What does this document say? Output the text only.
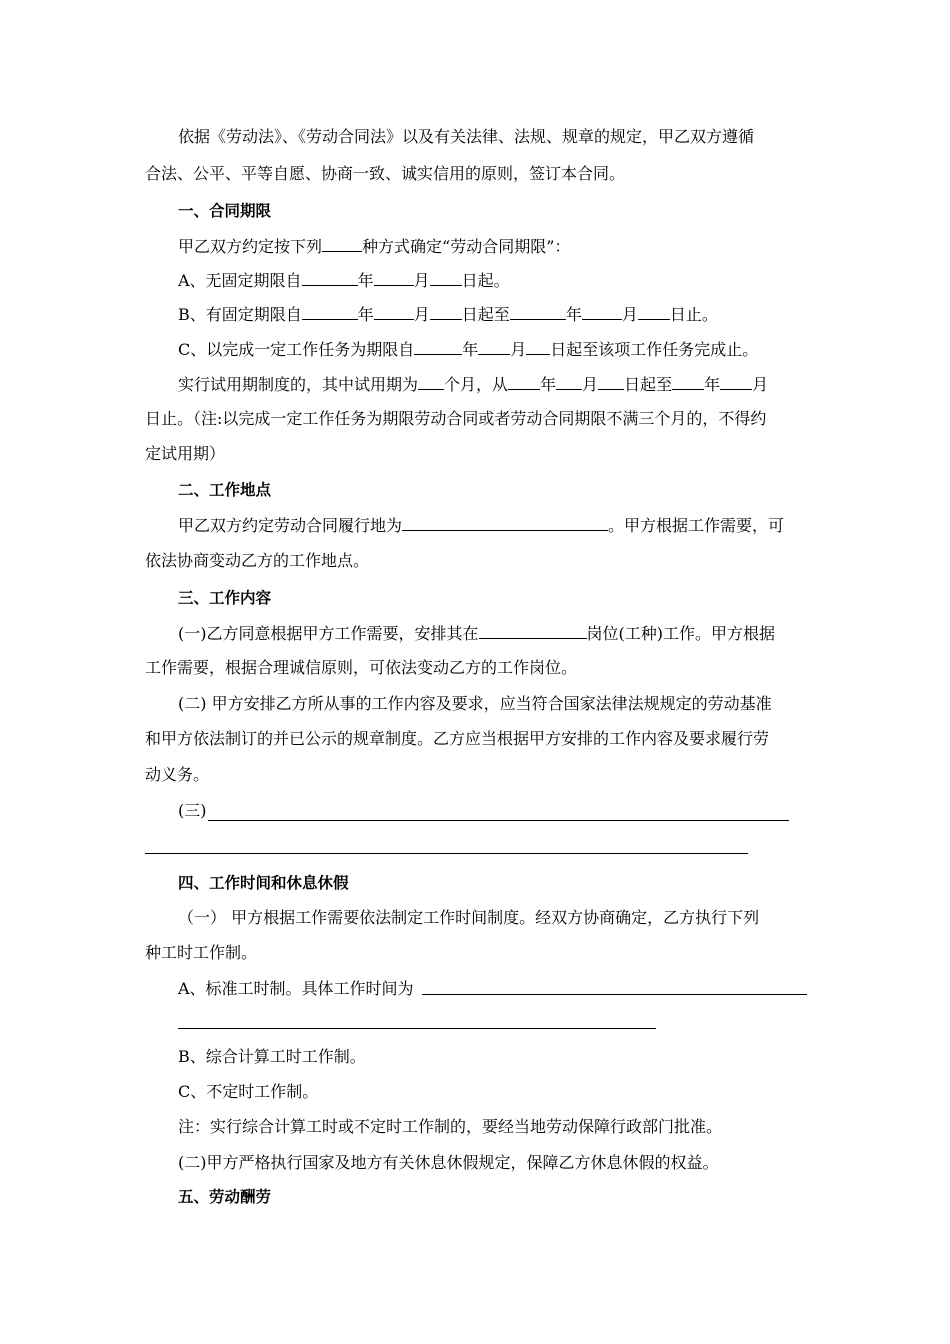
依据《劳动法》、《劳动合同法》以及有关法律、法规、规章的规定，甲乙双方遵循
合法、公平、平等自愿、协商一致、诚实信用的原则，签订本合同。
一、合同期限
甲乙双方约定按下列	种方式确定“劳动合同期限”：
A、无固定期限自	年	月 日起。
B、有固定期限自	年	月 日起至	年	月 日止。
C、以完成一定工作任务为期限自	年 月 日起至该项工作任务完成止。
实行试用期制度的，其中试用期为 个月，从 年 月 日起至 年 月
日止。（注:以完成一定工作任务为期限劳动合同或者劳动合同期限不满三个月的，不得约
定试用期）
二、工作地点
甲乙双方约定劳动合同履行地为	。甲方根据工作需要，可
依法协商变动乙方的工作地点。
三、工作内容
(一)乙方同意根据甲方工作需要，安排其在	岗位(工种)工作。甲方根据
工作需要，根据合理诚信原则，可依法变动乙方的工作岗位。
(二) 甲方安排乙方所从事的工作内容及要求，应当符合国家法律法规规定的劳动基准
和甲方依法制订的并已公示的规章制度。乙方应当根据甲方安排的工作内容及要求履行劳
动义务。
(三)
四、工作时间和休息休假
（一） 甲方根据工作需要依法制定工作时间制度。经双方协商确定，乙方执行下列
种工时工作制。
A、标准工时制。具体工作时间为
B、综合计算工时工作制。
C、不定时工作制。
注：实行综合计算工时或不定时工作制的，要经当地劳动保障行政部门批准。
(二)甲方严格执行国家及地方有关休息休假规定，保障乙方休息休假的权益。
五、劳动酬劳
